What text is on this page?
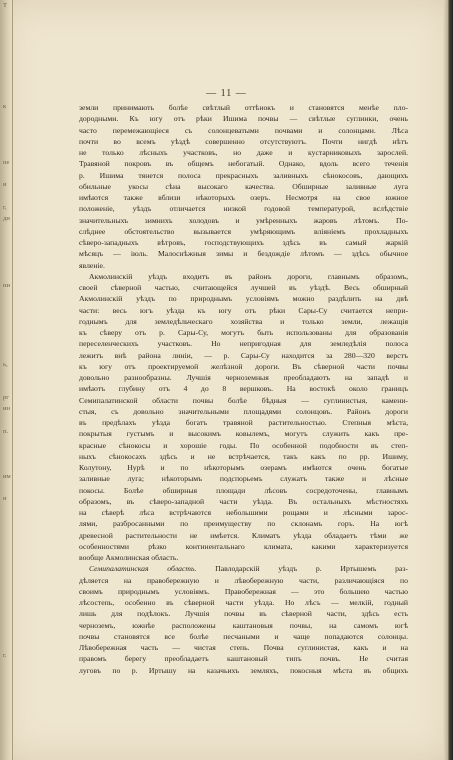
Т

к

пе

и

г,
ди

ни

ь,

рг
ин

п.

им

н

г.

— 11 —
земли принимають болѣе свѣтлый оттѣнокъ и становятся менѣе пло-
дородными. Къ югу отъ рѣки Ишима почвы — свѣтлые суглинки, очень
часто перемежающіеся съ солонцеватыми почвами и солонцами. Лѣса
почти во всемъ уѣздѣ совершенно отсутствуютъ. Почти нигдѣ нѣтъ
не только лѣсныхъ участковъ, но даже и кустарниковыхъ зарослей.
Травяной покровъ въ общемъ небогатый. Однако, вдоль всего теченія
р. Ишима тянется полоса прекрасныхъ заливныхъ сѣнокосовъ, дающихъ
обильные укосы сѣна высокаго качества. Обширные заливные луга
имѣются также вблизи нѣкоторыхъ озеръ. Несмотря на свое южное
положеніе, уѣздъ отличается низкой годовой температурой, вслѣдствіе
значительныхъ зимнихъ холодовъ и умѣренныхъ жаровъ лѣтомъ. По-
слѣднее обстоятельство вызывается умѣряющимъ вліяніемъ прохладныхъ
сѣверо-западныхъ вѣтровъ, господствующихъ здѣсь въ самый жаркій
мѣсяцъ — іюль. Малоснѣжныя зимы и бездождіе лѣтомъ — здѣсь обычное
явленіе.
Акмолинскій уѣздъ входитъ въ районъ дороги, главнымъ образомъ,
своей сѣверной частью, считающейся лучшей въ уѣздѣ. Весь обширный
Акмолинскій уѣздъ по природнымъ условіямъ можно раздѣлить на двѣ
части: весь югъ уѣзда къ югу отъ рѣки Сары-Су считается непри-
годнымъ для земледѣльческаго хозяйства и только земли, лежащія
къ сѣверу отъ р. Сары-Су, могутъ быть использованы для образованія
переселенческихъ участковъ. Но непригодная для земледѣлія полоса
лежитъ внѣ района линіи, — р. Сары-Су находится за 280—320 верстъ
къ югу отъ проектируемой желѣзной дороги. Въ сѣверной части почвы
довольно разнообразны. Лучшія черноземныя преобладаютъ на западѣ и
имѣютъ глубину отъ 4 до 8 вершковъ. На востокѣ около границъ
Семипалатинской области почвы болѣе бѣдныя — суглинистыя, камени-
стыя, съ довольно значительными площадями солонцовъ. Районъ дороги
въ предѣлахъ уѣзда богатъ травяной растительностью. Степныя мѣста,
покрытыя густымъ и высокимъ ковылемъ, могутъ служить какъ пре-
красные сѣнокосы и хорошіе годы. По особенной подобности въ степ-
ныхъ сѣнокосахъ здѣсь и не встрѣчается, такъ какъ по рр. Ишиму,
Колутону, Нурѣ и по нѣкоторымъ озерамъ имѣются очень богатые
заливные луга; нѣкоторымъ подспорьемъ служатъ также и лѣсные
покосы. Болѣе обширныя площади лѣсовъ сосредоточены, главнымъ
образомъ, въ сѣверо-западной части уѣзда. Въ остальныхъ мѣстностяхъ
на сѣверѣ лѣса встрѣчаются небольшими рощами и лѣсными зарос-
лями, разбросанными по преимуществу по склонамъ горъ. На югѣ
древесной растительности не имѣется. Климатъ уѣзда обладаетъ тѣми же
особенностями рѣзко континентальнаго климата, какими характеризуется
вообще Акмолинская область.
Семипалатинская область. Павлодарскій уѣздъ р. Иртышемъ раз-
дѣляется на правобережную и лѣвобережную части, различающіяся по
своимъ природнымъ условіямъ. Правобережная — это большею частью
лѣсостепь, особенно въ сѣверной части уѣзда. Но лѣсъ — мелкій, годный
лишь для подѣлокъ. Лучшія почвы въ сѣверной части, здѣсь есть
черноземъ, южнѣе расположены каштановыя почвы, на самомъ югѣ
почвы становятся все болѣе песчаными и чаще попадаются солонцы.
Лѣвобережная часть — чистая степь. Почва суглинистая, какъ и на
правомъ берегу преобладаетъ каштановый типъ почвъ. Не считая
луговъ по р. Иртышу на казачьихъ земляхъ, покосныя мѣста въ общихъ
